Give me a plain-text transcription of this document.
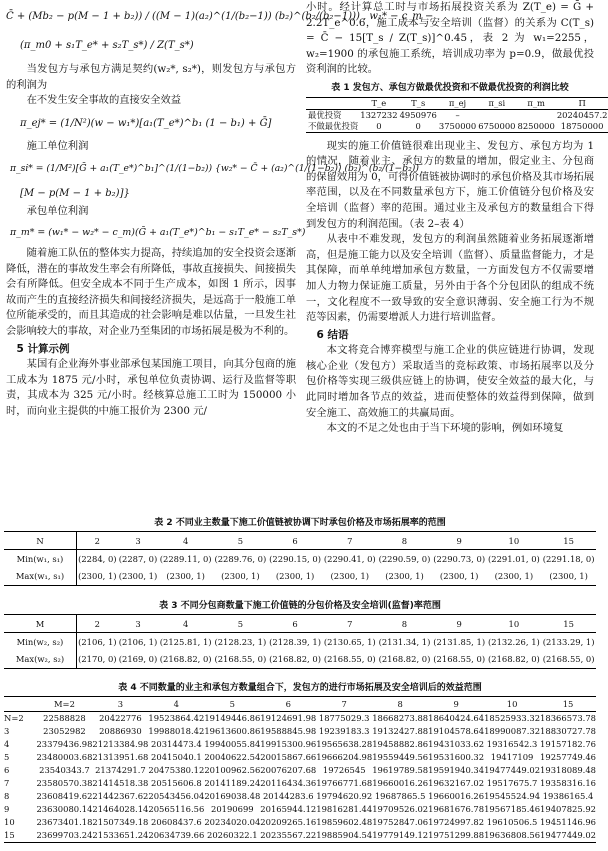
C̄ + (Mb₂ − p(M − 1 + b₂)) / ((M − 1)(a₂)^(1/(b₂−1)) (b₂)^(b₂/(b₂−1))) , w₁* − c_m −

(π_m0 + s₁T_e* + s₂T_s*) / Z(T_s*)

当发包方与承包方满足契约(w₂*, s₂*)，则发包方与承包方的利润为

在不发生安全事故的直接安全效益

π_ej* = (1/N²)(w − w₁*)[a₁(T_e*)^b₁ (1 − b₁) + Ḡ]

施工单位利润

π_si* = (1/M²)[Ḡ + a₁(T_e*)^b₁]^(1/(1−b₂)) {w₂* − C̄ + (a₂)^(1/(1−b₂)) (b₂)^(b₂/(1−b₂))

[M − p(M − 1 + b₂)]}

承包单位利润

π_m* = (w₁* − w₂* − c_m)(Ḡ + a₁(T_e*)^b₁ − s₁T_e* − s₂T_s*)

随着施工队伍的整体实力提高，持续追加的安全投资会逐渐降低，潜在的事故发生率会有所降低，事故直接损失、间接损失会有所降低。但安全成本不同于生产成本，如图 1 所示，因事故而产生的直接经济损失和间接经济损失，是远高于一般施工单位所能承受的，而且其造成的社会影响是难以估量，一旦发生社会影响较大的事故，对企业乃至集团的市场拓展是极为不利的。

5 计算示例

某国有企业海外事业部承包某国施工项目，向其分包商的施工成本为 1875 元/小时，承包单位负责协调、运行及监督等职责，其成本为 325 元/小时。经核算总施工工时为 150000 小时，而向业主提供的中施工报价为 2300 元/

小时。经计算总工时与市场拓展投资关系为 Z(T_e) = Ḡ + 2.2T_e^0.6，施工成本与安全培训（监督）的关系为 C(T_s) = C̄ − 15[T_s / Z(T_s)]^0.45，表 2 为 w₁=2255，w₂=1900 的承包施工系统，培训成功率为 p=0.9，做最优投资利润的比较。

表 1 发包方、承包方做最优投资和不做最优投资的利润比较

	T_e	T_s	π_ej	π_si	π_m	Π
最优投资	1327232	4950976	–			20240457.2
不做最优投资	0	0	3750000	6750000	8250000	18750000

现实的施工价值链很难出现业主、发包方、承包方均为 1 的情况，随着业主、承包方的数量的增加，假定业主、分包商的保留效用为 0，可得价值链被协调时的承包价格及其市场拓展率范围，以及在不同数量承包方下，施工价值链分包价格及安全培训（监督）率的范围。通过业主及承包方的数量组合下得到发包方的利润范围。（表 2–表 4）

从表中不难发现，发包方的利润虽然随着业务拓展逐渐增高，但是施工能力以及安全培训（监督）、质量监督能力，才是其保障，而单单纯增加承包方数量，一方面发包方不仅需要增加人力物力保证施工质量，另外由于各个分包团队的组成不统一，文化程度不一致导致的安全意识薄弱、安全施工行为不规范等因素，仍需要增派人力进行培训监督。

6 结语

本文将竞合博弈模型与施工企业的供应链进行协调，发现核心企业（发包方）采取适当的竞标政策、市场拓展率以及分包价格等实现三级供应链上的协调，使安全效益的最大化，与此同时增加各节点的效益，进而使整体的效益得到保障，做到安全施工、高效施工的共赢局面。

本文的不足之处也由于当下环境的影响，例如环境复

表 2 不同业主数量下施工价值链被协调下时承包价格及市场拓展率的范围

N	2	3	4	5	6	7	8	9	10	15
Min(w₁, s₁)	(2284, 0)	(2287, 0)	(2289.11, 0)	(2289.76, 0)	(2290.15, 0)	(2290.41, 0)	(2290.59, 0)	(2290.73, 0)	(2291.01, 0)	(2291.18, 0)
Max(w₁, s₁)	(2300, 1)	(2300, 1)	(2300, 1)	(2300, 1)	(2300, 1)	(2300, 1)	(2300, 1)	(2300, 1)	(2300, 1)	(2300, 1)

表 3 不同分包商数量下施工价值链的分包价格及安全培训(监督)率范围

M	2	3	4	5	6	7	8	9	10	15
Min(w₂, s₂)	(2106, 1)	(2106, 1)	(2125.81, 1)	(2128.23, 1)	(2128.39, 1)	(2130.65, 1)	(2131.34, 1)	(2131.85, 1)	(2132.26, 1)	(2133.29, 1)
Max(w₂, s₂)	(2170, 0)	(2169, 0)	(2168.82, 0)	(2168.55, 0)	(2168.82, 0)	(2168.55, 0)	(2168.82, 0)	(2168.55, 0)	(2168.82, 0)	(2168.55, 0)

表 4 不同数量的业主和承包方数量组合下，发包方的进行市场拓展及安全培训后的效益范围

	M=2	3	4	5	6	7	8	9	10	15
N=2	22588828	20422776	19523864.42	19149446.86	19124691.98	18775029.3	18668273.88	18640424.64	18525933.32	18366573.78
3	23052982	20886930	19988018.42	19613600.86	19588845.98	19239183.3	19132427.88	19104578.64	18990087.32	18830727.78
4	23379436.98	21213384.98	20314473.4	19940055.84	19915300.96	19565638.28	19458882.86	19431033.62	19316542.3	19157182.76
5	23480003.68	21313951.68	20415040.1	20040622.54	20015867.66	19666204.98	19559449.56	19531600.32	19417109	19257749.46
6	23540343.7	21374291.7	20475380.12	20100962.56	20076207.68	19726545	19619789.58	19591940.34	19477449.02	19318089.48
7	23580570.38	21414518.38	20515606.8	20141189.24	20116434.36	19766771.68	19660016.26	19632167.02	19517675.7	19358316.16
8	23608419.62	21442367.62	20543456.04	20169038.48	20144283.6	19794620.92	19687865.5	19660016.26	19545524.94	19386165.4
9	23630080.14	21464028.14	20565116.56	20190699	20165944.12	19816281.44	19709526.02	19681676.78	19567185.46	19407825.92
10	23673401.18	21507349.18	20608437.6	20234020.04	20209265.16	19859602.48	19752847.06	19724997.82	19610506.5	19451146.96
15	23699703.24	21533651.24	20634739.66	20260322.1	20235567.22	19885904.54	19779149.12	19751299.88	19636808.56	19477449.02
